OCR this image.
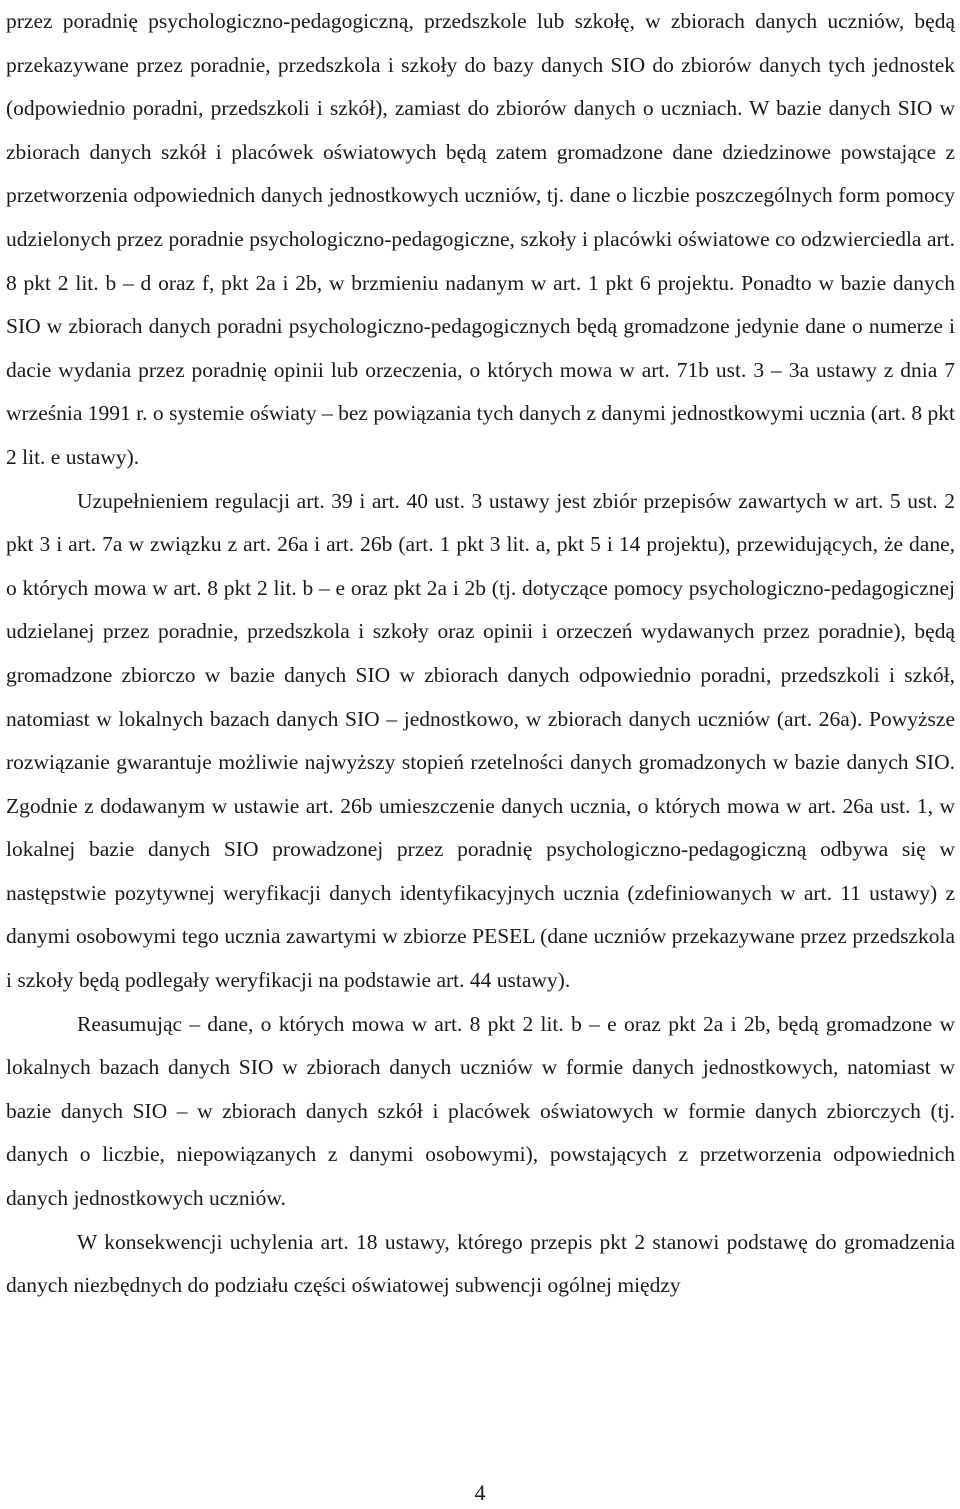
przez poradnię psychologiczno-pedagogiczną, przedszkole lub szkołę, w zbiorach danych uczniów, będą przekazywane przez poradnie, przedszkola i szkoły do bazy danych SIO do zbiorów danych tych jednostek (odpowiednio poradni, przedszkoli i szkół), zamiast do zbiorów danych o uczniach. W bazie danych SIO w zbiorach danych szkół i placówek oświatowych będą zatem gromadzone dane dziedzinowe powstające z przetworzenia odpowiednich danych jednostkowych uczniów, tj. dane o liczbie poszczególnych form pomocy udzielonych przez poradnie psychologiczno-pedagogiczne, szkoły i placówki oświatowe co odzwierciedla art. 8 pkt 2 lit. b – d oraz f, pkt 2a i 2b, w brzmieniu nadanym w art. 1 pkt 6 projektu. Ponadto w bazie danych SIO w zbiorach danych poradni psychologiczno-pedagogicznych będą gromadzone jedynie dane o numerze i dacie wydania przez poradnię opinii lub orzeczenia, o których mowa w art. 71b ust. 3 – 3a ustawy z dnia 7 września 1991 r. o systemie oświaty – bez powiązania tych danych z danymi jednostkowymi ucznia (art. 8 pkt 2 lit. e ustawy).

Uzupełnieniem regulacji art. 39 i art. 40 ust. 3 ustawy jest zbiór przepisów zawartych w art. 5 ust. 2 pkt 3 i art. 7a w związku z art. 26a i art. 26b (art. 1 pkt 3 lit. a, pkt 5 i 14 projektu), przewidujących, że dane, o których mowa w art. 8 pkt 2 lit. b – e oraz pkt 2a i 2b (tj. dotyczące pomocy psychologiczno-pedagogicznej udzielanej przez poradnie, przedszkola i szkoły oraz opinii i orzeczeń wydawanych przez poradnie), będą gromadzone zbiorczo w bazie danych SIO w zbiorach danych odpowiednio poradni, przedszkoli i szkół, natomiast w lokalnych bazach danych SIO – jednostkowo, w zbiorach danych uczniów (art. 26a). Powyższe rozwiązanie gwarantuje możliwie najwyższy stopień rzetelności danych gromadzonych w bazie danych SIO. Zgodnie z dodawanym w ustawie art. 26b umieszczenie danych ucznia, o których mowa w art. 26a ust. 1, w lokalnej bazie danych SIO prowadzonej przez poradnię psychologiczno-pedagogiczną odbywa się w następstwie pozytywnej weryfikacji danych identyfikacyjnych ucznia (zdefiniowanych w art. 11 ustawy) z danymi osobowymi tego ucznia zawartymi w zbiorze PESEL (dane uczniów przekazywane przez przedszkola i szkoły będą podlegały weryfikacji na podstawie art. 44 ustawy).

Reasumując – dane, o których mowa w art. 8 pkt 2 lit. b – e oraz pkt 2a i 2b, będą gromadzone w lokalnych bazach danych SIO w zbiorach danych uczniów w formie danych jednostkowych, natomiast w bazie danych SIO – w zbiorach danych szkół i placówek oświatowych w formie danych zbiorczych (tj. danych o liczbie, niepowiązanych z danymi osobowymi), powstających z przetworzenia odpowiednich danych jednostkowych uczniów.

W konsekwencji uchylenia art. 18 ustawy, którego przepis pkt 2 stanowi podstawę do gromadzenia danych niezbędnych do podziału części oświatowej subwencji ogólnej między

4
